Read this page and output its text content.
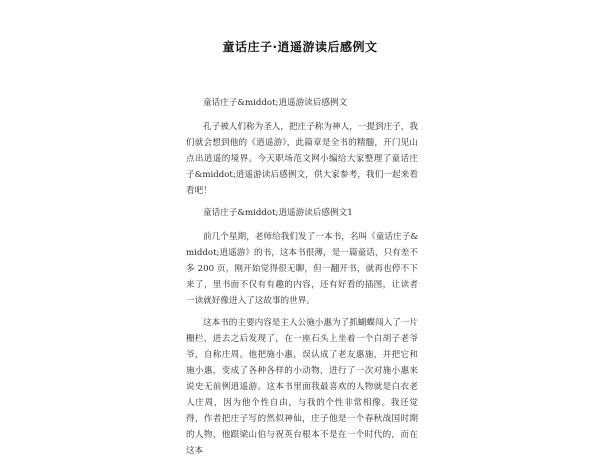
童话庄子·逍遥游读后感例文

童话庄子&middot;逍遥游读后感例文

孔子被人们称为圣人，把庄子称为神人，一提到庄子，我们就会想到他的《逍遥游》，此篇章是全书的精髓，开门见山点出逍遥的境界。今天职场范文网小编给大家整理了童话庄子&middot;逍遥游读后感例文，供大家参考，我们一起来看看吧！

童话庄子&middot;逍遥游读后感例文1

前几个星期，老师给我们发了一本书，名叫《童话庄子&middot;逍遥游》的书，这本书很薄，是一篇童话，只有差不多 200 页，刚开始觉得很无聊，但一翻开书，就再也停不下来了，里书面不仅有有趣的内容，还有好看的插图，让读者一读就好像进入了这故事的世界。

这本书的主要内容是主人公施小惠为了抓蝴蝶闯入了一片栅栏，进去之后发现了，在一座石头上坐着一个白胡子老爷爷，自称庄周。他把施小惠，误认成了老友惠施，并把它和施小惠，变成了各种各样的小动物，进行了一次对施小惠来说史无前例逍遥游。这本书里面我最喜欢的人物就是白衣老人庄周，因为他个性自由，与我的个性非常相像。我还觉得，作者把庄子写的然似神仙，庄子他是一个春秋战国时期的人物，他跟梁山伯与祝英台根本不是在一个时代的，而在这本
